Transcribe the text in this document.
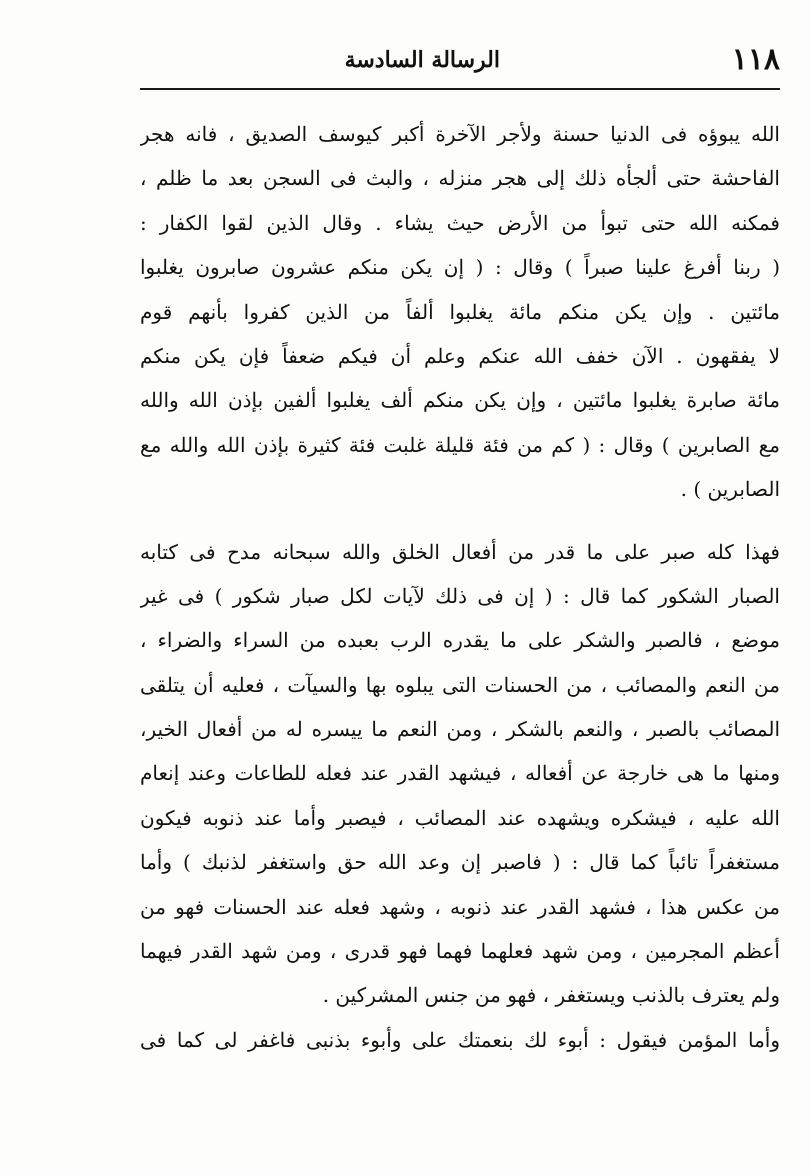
١١٨
الرسالة السادسة
الله يبوؤه فى الدنيا حسنة ولأجر الآخرة أكبر كيوسف الصديق ، فانه هجر
الفاحشة حتى ألجأه ذلك إلى هجر منزله ، والبث فى السجن بعد ما ظلم ،
فمكنه الله حتى تبوأ من الأرض حيث يشاء . وقال الذين لقوا الكفار :
( ربنا أفرغ علينا صبراً ) وقال : ( إن يكن منكم عشرون صابرون يغلبوا
مائتين . وإن يكن منكم مائة يغلبوا ألفاً من الذين كفروا بأنهم قوم
لا يفقهون . الآن خفف الله عنكم وعلم أن فيكم ضعفاً فإن يكن منكم
مائة صابرة يغلبوا مائتين ، وإن يكن منكم ألف يغلبوا ألفين بإذن الله والله
مع الصابرين ) وقال : ( كم من فئة قليلة غلبت فئة كثيرة بإذن الله والله مع
الصابرين ) .
فهذا كله صبر على ما قدر من أفعال الخلق والله سبحانه مدح فى كتابه
الصبار الشكور كما قال : ( إن فى ذلك لآيات لكل صبار شكور ) فى غير
موضع ، فالصبر والشكر على ما يقدره الرب بعبده من السراء والضراء ،
من النعم والمصائب ، من الحسنات التى يبلوه بها والسيآت ، فعليه أن يتلقى
المصائب بالصبر ، والنعم بالشكر ، ومن النعم ما ييسره له من أفعال الخير،
ومنها ما هى خارجة عن أفعاله ، فيشهد القدر عند فعله للطاعات وعند إنعام
الله عليه ، فيشكره ويشهده عند المصائب ، فيصبر وأما عند ذنوبه فيكون
مستغفراً تائباً كما قال : ( فاصبر إن وعد الله حق واستغفر لذنبك ) وأما
من عكس هذا ، فشهد القدر عند ذنوبه ، وشهد فعله عند الحسنات فهو من
أعظم المجرمين ، ومن شهد فعلهما فهما فهو قدرى ، ومن شهد القدر فيهما
ولم يعترف بالذنب ويستغفر ، فهو من جنس المشركين .
وأما المؤمن فيقول : أبوء لك بنعمتك على وأبوء بذنبى فاغفر لى كما فى
